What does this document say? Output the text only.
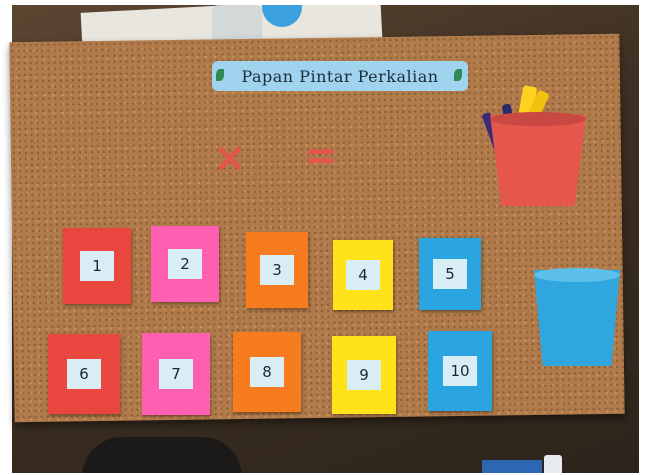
Papan Pintar Perkalian
× =
1	2	3	4	5
6	7	8	9	10
